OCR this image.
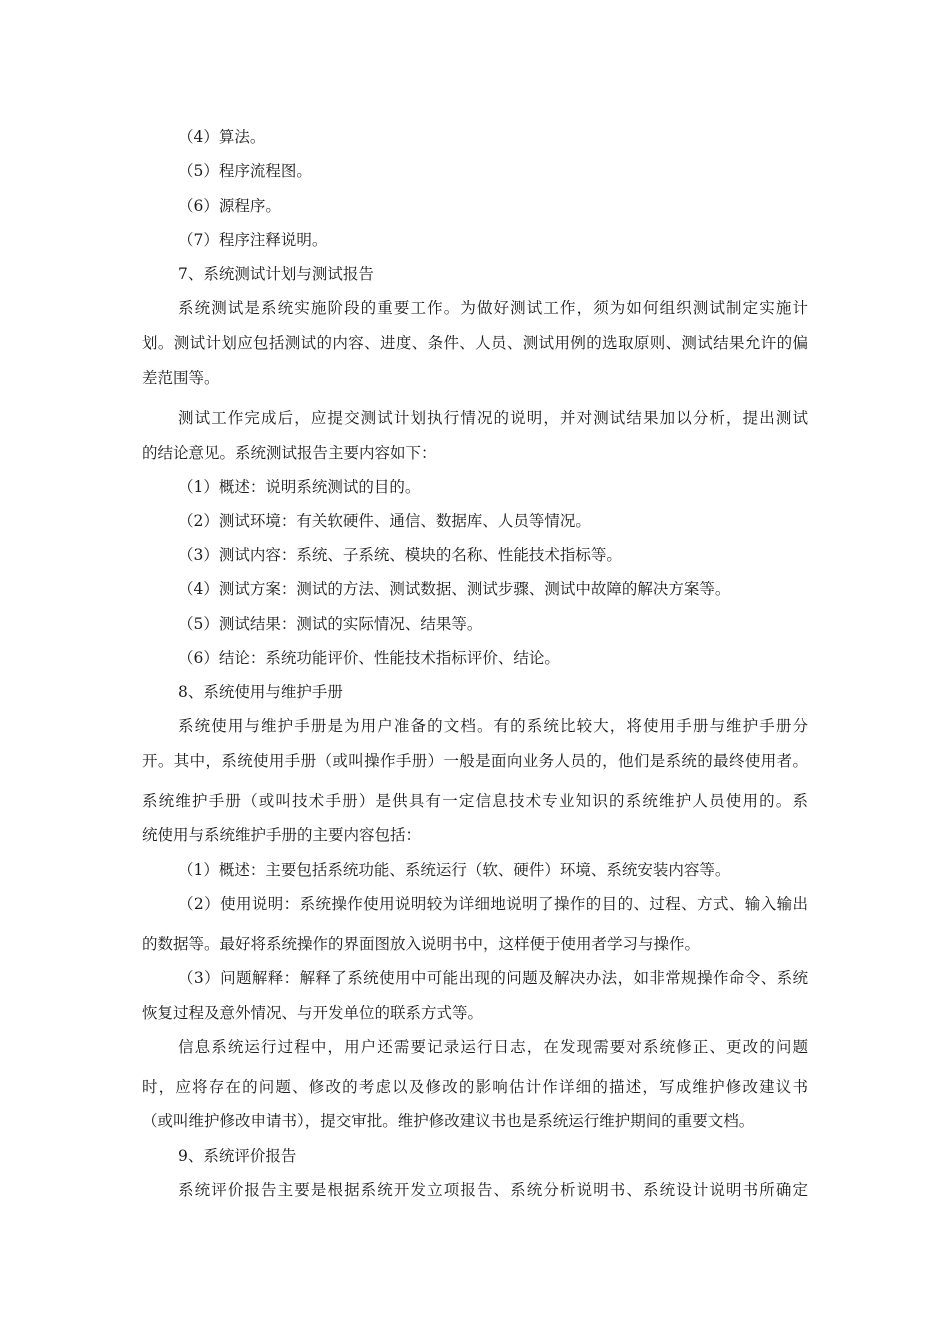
（4）算法。

（5）程序流程图。

（6）源程序。

（7）程序注释说明。

7、系统测试计划与测试报告

系统测试是系统实施阶段的重要工作。为做好测试工作，须为如何组织测试制定实施计

划。测试计划应包括测试的内容、进度、条件、人员、测试用例的选取原则、测试结果允许的偏

差范围等。

测试工作完成后，应提交测试计划执行情况的说明，并对测试结果加以分析，提出测试

的结论意见。系统测试报告主要内容如下：

（1）概述：说明系统测试的目的。

（2）测试环境：有关软硬件、通信、数据库、人员等情况。

（3）测试内容：系统、子系统、模块的名称、性能技术指标等。

（4）测试方案：测试的方法、测试数据、测试步骤、测试中故障的解决方案等。

（5）测试结果：测试的实际情况、结果等。

（6）结论：系统功能评价、性能技术指标评价、结论。

8、系统使用与维护手册

系统使用与维护手册是为用户准备的文档。有的系统比较大，将使用手册与维护手册分

开。其中，系统使用手册（或叫操作手册）一般是面向业务人员的，他们是系统的最终使用者。

系统维护手册（或叫技术手册）是供具有一定信息技术专业知识的系统维护人员使用的。系

统使用与系统维护手册的主要内容包括：

（1）概述：主要包括系统功能、系统运行（软、硬件）环境、系统安装内容等。

（2）使用说明：系统操作使用说明较为详细地说明了操作的目的、过程、方式、输入输出

的数据等。最好将系统操作的界面图放入说明书中，这样便于使用者学习与操作。

（3）问题解释：解释了系统使用中可能出现的问题及解决办法，如非常规操作命令、系统

恢复过程及意外情况、与开发单位的联系方式等。

信息系统运行过程中，用户还需要记录运行日志，在发现需要对系统修正、更改的问题

时，应将存在的问题、修改的考虑以及修改的影响估计作详细的描述，写成维护修改建议书

（或叫维护修改申请书），提交审批。维护修改建议书也是系统运行维护期间的重要文档。

9、系统评价报告

系统评价报告主要是根据系统开发立项报告、系统分析说明书、系统设计说明书所确定
